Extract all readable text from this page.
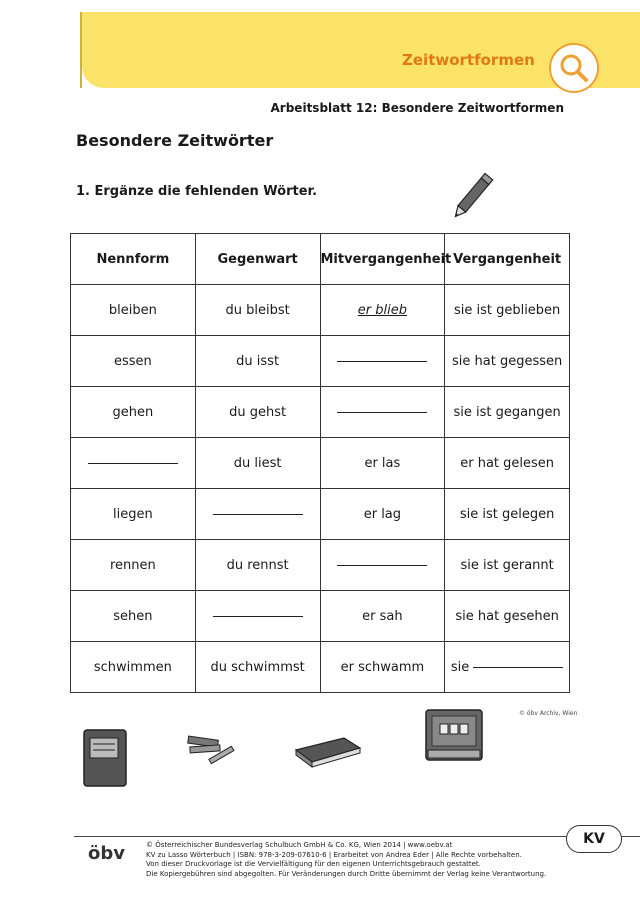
Zeitwortformen
Arbeitsblatt 12: Besondere Zeitwortformen
Besondere Zeitwörter
1. Ergänze die fehlenden Wörter.
Nennform	Gegenwart	Mitvergangenheit	Vergangenheit
bleiben	du bleibst	er blieb	sie ist geblieben
essen	du isst		sie hat gegessen
gehen	du gehst		sie ist gegangen
	du liest	er las	er hat gelesen
liegen		er lag	sie ist gelegen
rennen	du rennst		sie ist gerannt
sehen		er sah	sie hat gesehen
schwimmen	du schwimmst	er schwamm	sie
© öbv Archiv, Wien
öbv	© Österreichischer Bundesverlag Schulbuch GmbH & Co. KG, Wien 2014 | www.oebv.at
KV zu Lasso Wörterbuch | ISBN: 978-3-209-07610-6 | Erarbeitet von Andrea Eder | Alle Rechte vorbehalten.
Von dieser Druckvorlage ist die Vervielfältigung für den eigenen Unterrichtsgebrauch gestattet.
Die Kopiergebühren sind abgegolten. Für Veränderungen durch Dritte übernimmt der Verlag keine Verantwortung.
KV
